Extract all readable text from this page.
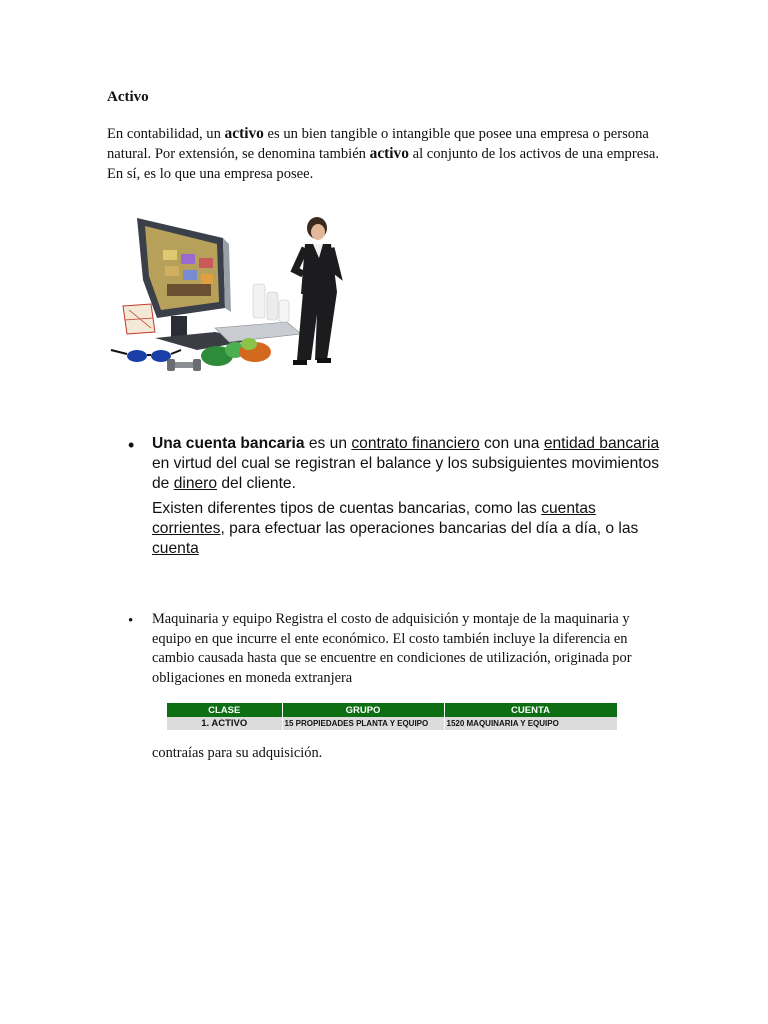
Activo

En contabilidad, un activo es un bien tangible o intangible que posee una empresa o persona natural. Por extensión, se denomina también activo al conjunto de los activos de una empresa. En sí, es lo que una empresa posee.

• Una cuenta bancaria es un contrato financiero con una entidad bancaria en virtud del cual se registran el balance y los subsiguientes movimientos de dinero del cliente.

Existen diferentes tipos de cuentas bancarias, como las cuentas corrientes, para efectuar las operaciones bancarias del día a día, o las cuenta

• Maquinaria y equipo Registra el costo de adquisición y montaje de la maquinaria y equipo en que incurre el ente económico. El costo también incluye la diferencia en cambio causada hasta que se encuentre en condiciones de utilización, originada por obligaciones en moneda extranjera

CLASE	GRUPO	CUENTA
1. ACTIVO	15 PROPIEDADES PLANTA Y EQUIPO	1520 MAQUINARIA Y EQUIPO
contraías para su adquisición.
